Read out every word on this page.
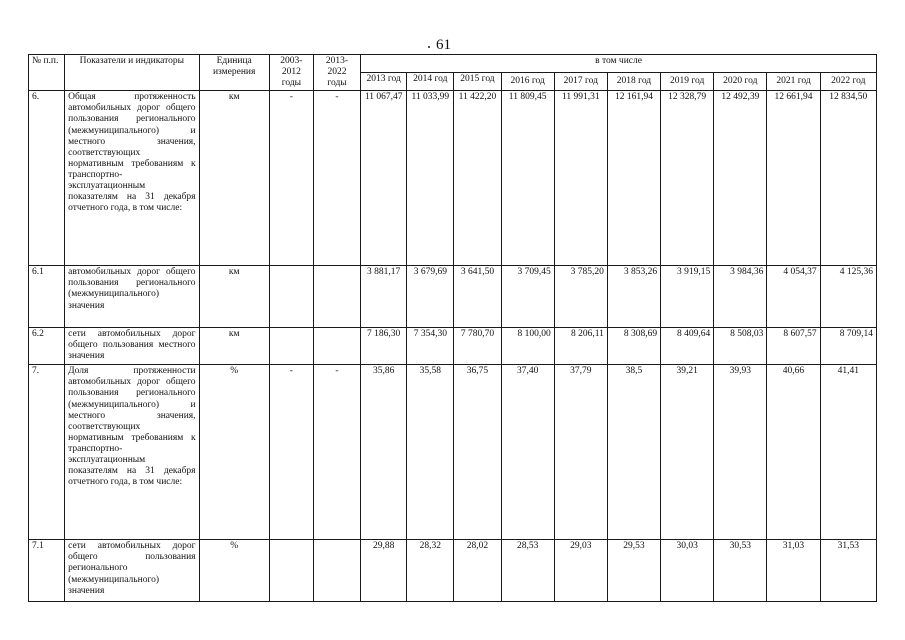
61
№ п.п.	Показатели и индикаторы	Единица измерения	2003-2012 годы	2013-2022 годы	в том числе									
					2013 год	2014 год	2015 год	2016 год	2017 год	2018 год	2019 год	2020 год	2021 год	2022 год
6.	Общая протяженность автомобильных дорог общего пользования регионального (межмуниципального) и местного значения, соответствующих нормативным требованиям к транспортно-эксплуатационным показателям на 31 декабря отчетного года, в том числе:	км	-	-	11 067,47	11 033,99	11 422,20	11 809,45	11 991,31	12 161,94	12 328,79	12 492,39	12 661,94	12 834,50
6.1	автомобильных дорог общего пользования регионального (межмуниципального) значения	км			3 881,17	3 679,69	3 641,50	3 709,45	3 785,20	3 853,26	3 919,15	3 984,36	4 054,37	4 125,36
6.2	сети автомобильных дорог общего пользования местного значения	км			7 186,30	7 354,30	7 780,70	8 100,00	8 206,11	8 308,69	8 409,64	8 508,03	8 607,57	8 709,14
7.	Доля протяженности автомобильных дорог общего пользования регионального (межмуниципального) и местного значения, соответствующих нормативным требованиям к транспортно-эксплуатационным показателям на 31 декабря отчетного года, в том числе:	%	-	-	35,86	35,58	36,75	37,40	37,79	38,5	39,21	39,93	40,66	41,41
7.1	сети автомобильных дорог общего пользования регионального (межмуниципального) значения	%			29,88	28,32	28,02	28,53	29,03	29,53	30,03	30,53	31,03	31,53
